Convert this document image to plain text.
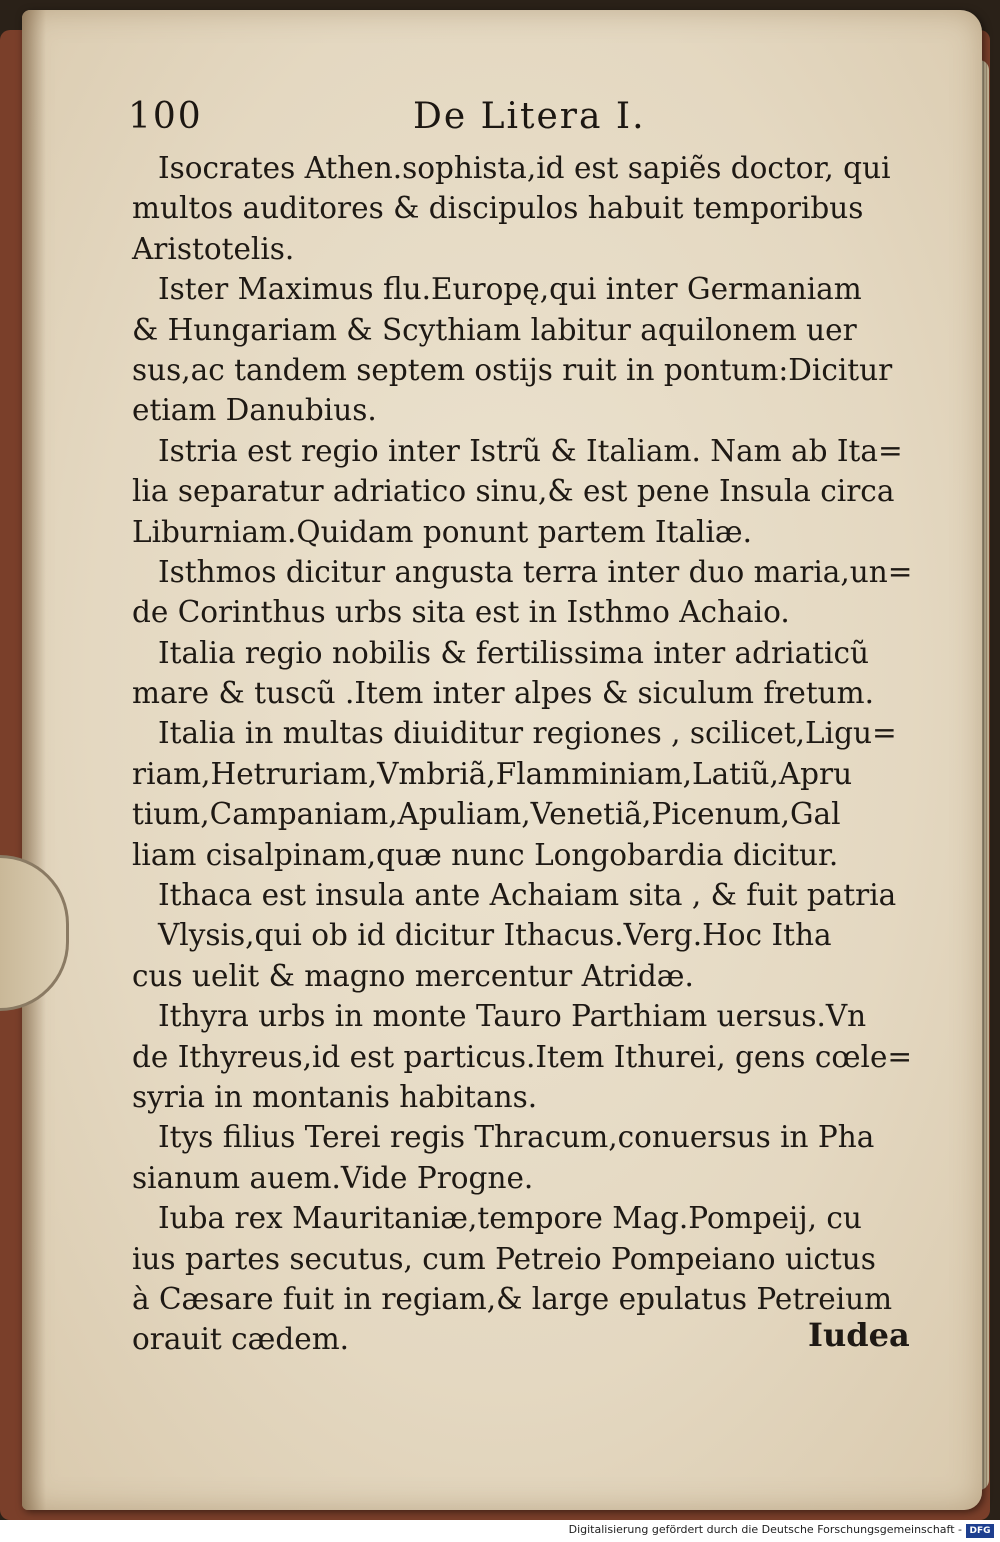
100	De Litera I.
Isocrates Athen.sophista,id est sapiẽs doctor, qui
multos auditores & discipulos habuit temporibus
Aristotelis.
Ister Maximus flu.Europę,qui inter Germaniam
& Hungariam & Scythiam labitur aquilonem uer
sus,ac tandem septem ostijs ruit in pontum:Dicitur
etiam Danubius.
Istria est regio inter Istrũ & Italiam. Nam ab Ita=
lia separatur adriatico sinu,& est pene Insula circa
Liburniam.Quidam ponunt partem Italiæ.
Isthmos dicitur angusta terra inter duo maria,un=
de Corinthus urbs sita est in Isthmo Achaio.
Italia regio nobilis & fertilissima inter adriaticũ
mare & tuscũ .Item inter alpes & siculum fretum.
Italia in multas diuiditur regiones , scilicet,Ligu=
riam,Hetruriam,Vmbriã,Flamminiam,Latiũ,Apru
tium,Campaniam,Apuliam,Venetiã,Picenum,Gal
liam cisalpinam,quæ nunc Longobardia dicitur.
Ithaca est insula ante Achaiam sita , & fuit patria
Vlysis,qui ob id dicitur Ithacus.Verg.Hoc Itha
cus uelit & magno mercentur Atridæ.
Ithyra urbs in monte Tauro Parthiam uersus.Vn
de Ithyreus,id est particus.Item Ithurei, gens cœle=
syria in montanis habitans.
Itys filius Terei regis Thracum,conuersus in Pha
sianum auem.Vide Progne.
Iuba rex Mauritaniæ,tempore Mag.Pompeij, cu
ius partes secutus, cum Petreio Pompeiano uictus
à Cæsare fuit in regiam,& large epulatus Petreium
orauit cædem.	Iudea
Digitalisierung gefördert durch die Deutsche Forschungsgemeinschaft - DFG
